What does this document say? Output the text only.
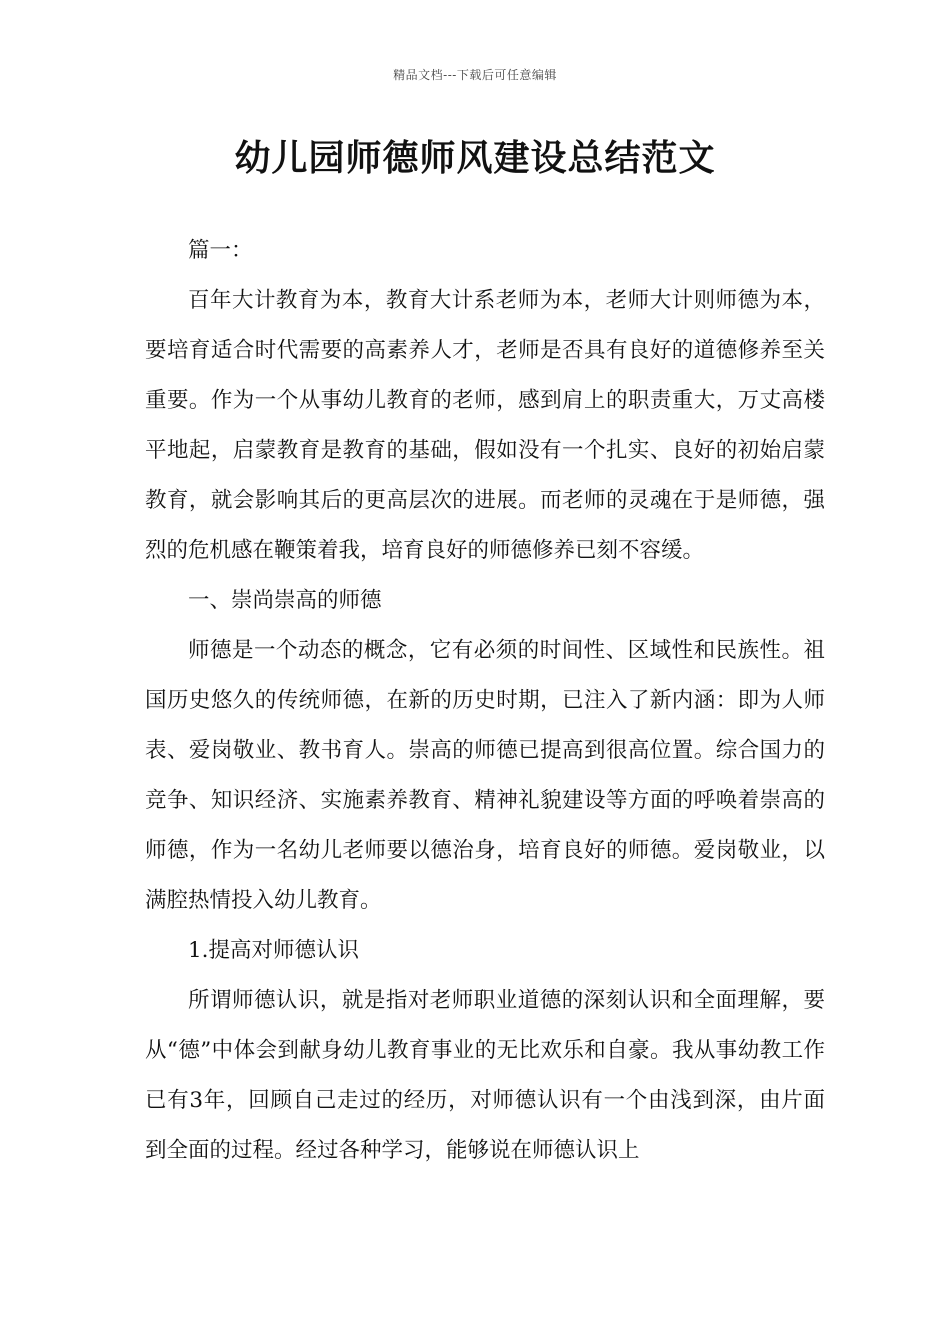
精品文档---下载后可任意编辑
幼儿园师德师风建设总结范文

篇一：

百年大计教育为本，教育大计系老师为本，老师大计则师德为本，要培育适合时代需要的高素养人才，老师是否具有良好的道德修养至关重要。作为一个从事幼儿教育的老师，感到肩上的职责重大，万丈高楼平地起，启蒙教育是教育的基础，假如没有一个扎实、良好的初始启蒙教育，就会影响其后的更高层次的进展。而老师的灵魂在于是师德，强烈的危机感在鞭策着我，培育良好的师德修养已刻不容缓。

一、崇尚崇高的师德

师德是一个动态的概念，它有必须的时间性、区域性和民族性。祖国历史悠久的传统师德，在新的历史时期，已注入了新内涵：即为人师表、爱岗敬业、教书育人。崇高的师德已提高到很高位置。综合国力的竞争、知识经济、实施素养教育、精神礼貌建设等方面的呼唤着崇高的师德，作为一名幼儿老师要以德治身，培育良好的师德。爱岗敬业，以满腔热情投入幼儿教育。

1.提高对师德认识

所谓师德认识，就是指对老师职业道德的深刻认识和全面理解，要从“德”中体会到献身幼儿教育事业的无比欢乐和自豪。我从事幼教工作已有3年，回顾自己走过的经历，对师德认识有一个由浅到深，由片面到全面的过程。经过各种学习，能够说在师德认识上
